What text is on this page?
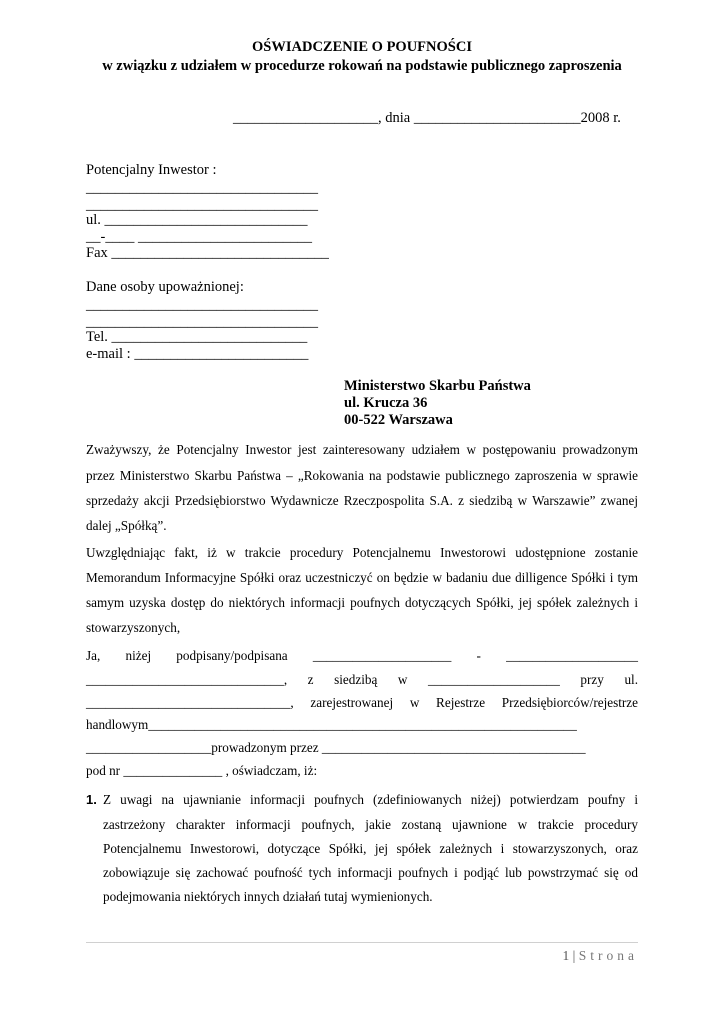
OŚWIADCZENIE O POUFNOŚCI
w związku z udziałem w procedurze rokowań na podstawie publicznego zaproszenia
____________________, dnia _______________________2008 r.
Potencjalny Inwestor :
________________________________
________________________________
ul. ____________________________
__-____ ________________________
Fax ______________________________
Dane osoby upoważnionej:
________________________________
________________________________
Tel. ___________________________
e-mail : ________________________
Ministerstwo Skarbu Państwa
ul. Krucza 36
00-522 Warszawa
Zważywszy, że Potencjalny Inwestor jest zainteresowany udziałem w postępowaniu prowadzonym
przez Ministerstwo Skarbu Państwa – „Rokowania na podstawie publicznego zaproszenia w sprawie
sprzedaży akcji Przedsiębiorstwo Wydawnicze Rzeczpospolita S.A. z siedzibą w Warszawie” zwanej
dalej „Spółką”.
Uwzględniając fakt, iż w trakcie procedury Potencjalnemu Inwestorowi udostępnione zostanie
Memorandum Informacyjne Spółki oraz uczestniczyć on będzie w badaniu due dilligence Spółki i tym
samym uzyska dostęp do niektórych informacji poufnych dotyczących Spółki, jej spółek zależnych i
stowarzyszonych,
Ja, niżej podpisany/podpisana _____________________ - ____________________
______________________________, z siedzibą w ____________________ przy ul.
_______________________________, zarejestrowanej w Rejestrze Przedsiębiorców/rejestrze
handlowym_________________________________________________________________
___________________prowadzonym przez ________________________________________
pod nr _______________ , oświadczam, iż:
1. Z uwagi na ujawnianie informacji poufnych (zdefiniowanych niżej) potwierdzam poufny i
zastrzeżony charakter informacji poufnych, jakie zostaną ujawnione w trakcie procedury
Potencjalnemu Inwestorowi, dotyczące Spółki, jej spółek zależnych i stowarzyszonych, oraz
zobowiązuje się zachować poufność tych informacji poufnych i podjąć lub powstrzymać się od
podejmowania niektórych innych działań tutaj wymienionych.
1 | Strona
